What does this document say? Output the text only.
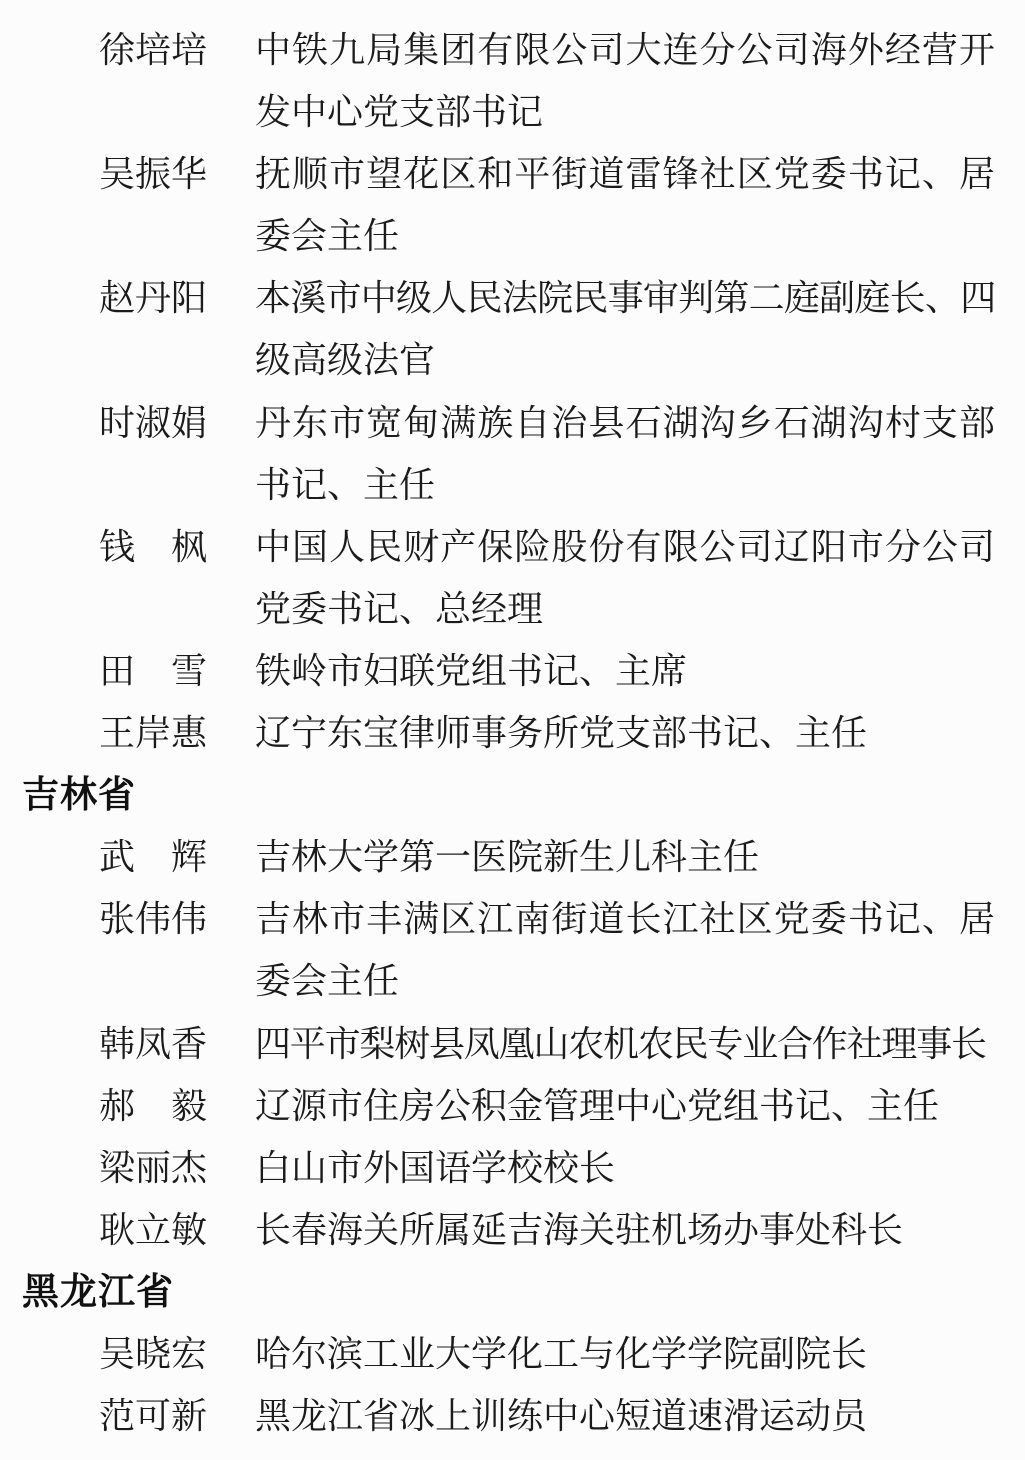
徐培培	中铁九局集团有限公司大连分公司海外经营开
发中心党支部书记
吴振华	抚顺市望花区和平街道雷锋社区党委书记、居
委会主任
赵丹阳	本溪市中级人民法院民事审判第二庭副庭长、四
级高级法官
时淑娟	丹东市宽甸满族自治县石湖沟乡石湖沟村支部
书记、主任
钱　枫	中国人民财产保险股份有限公司辽阳市分公司
党委书记、总经理
田　雪	铁岭市妇联党组书记、主席
王岸惠	辽宁东宝律师事务所党支部书记、主任
吉林省
武　辉	吉林大学第一医院新生儿科主任
张伟伟	吉林市丰满区江南街道长江社区党委书记、居
委会主任
韩凤香	四平市梨树县凤凰山农机农民专业合作社理事长
郝　毅	辽源市住房公积金管理中心党组书记、主任
梁丽杰	白山市外国语学校校长
耿立敏	长春海关所属延吉海关驻机场办事处科长
黑龙江省
吴晓宏	哈尔滨工业大学化工与化学学院副院长
范可新	黑龙江省冰上训练中心短道速滑运动员
